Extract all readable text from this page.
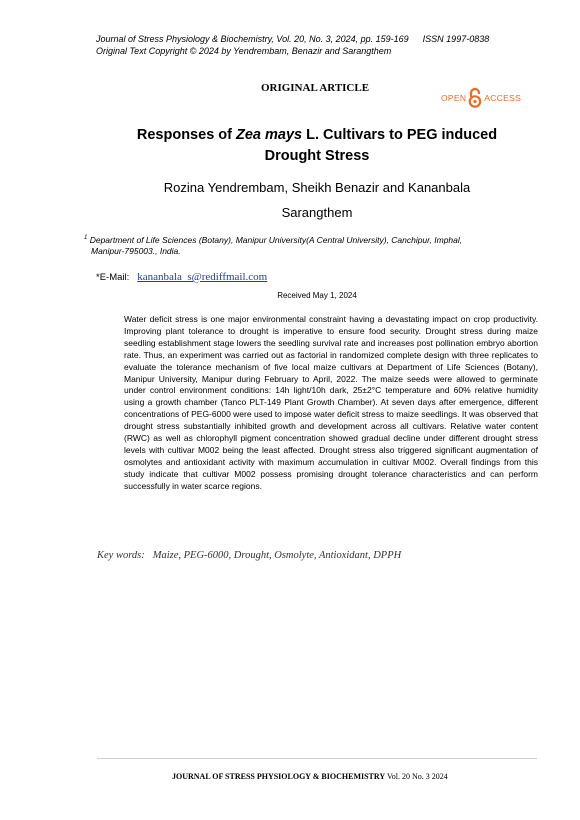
Journal of Stress Physiology & Biochemistry, Vol. 20, No. 3, 2024, pp. 159-169 ISSN 1997-0838
Original Text Copyright © 2024 by Yendrembam, Benazir and Sarangthem
ORIGINAL ARTICLE
OPEN ACCESS
Responses of Zea mays L. Cultivars to PEG induced
Drought Stress
Rozina Yendrembam, Sheikh Benazir and Kananbala
Sarangthem
$^1$ Department of Life Sciences (Botany), Manipur University(A Central University), Canchipur, Imphal,
Manipur-795003., India.
*E-Mail: kananbala_s@rediffmail.com
Received May 1, 2024
Water deficit stress is one major environmental constraint having a devastating impact on crop productivity. Improving plant tolerance to drought is imperative to ensure food security. Drought stress during maize seedling establishment stage lowers the seedling survival rate and increases post pollination embryo abortion rate. Thus, an experiment was carried out as factorial in randomized complete design with three replicates to evaluate the tolerance mechanism of five local maize cultivars at Department of Life Sciences (Botany), Manipur University, Manipur during February to April, 2022. The maize seeds were allowed to germinate under control environment conditions: 14h light/10h dark, 25±2°C temperature and 60% relative humidity using a growth chamber (Tanco PLT-149 Plant Growth Chamber). At seven days after emergence, different concentrations of PEG-6000 were used to impose water deficit stress to maize seedlings. It was observed that drought stress substantially inhibited growth and development across all cultivars. Relative water content (RWC) as well as chlorophyll pigment concentration showed gradual decline under different drought stress levels with cultivar M002 being the least affected. Drought stress also triggered significant augmentation of osmolytes and antioxidant activity with maximum accumulation in cultivar M002. Overall findings from this study indicate that cultivar M002 possess promising drought tolerance characteristics and can perform successfully in water scarce regions.
Key words: Maize, PEG-6000, Drought, Osmolyte, Antioxidant, DPPH
JOURNAL OF STRESS PHYSIOLOGY & BIOCHEMISTRY Vol. 20 No. 3 2024
